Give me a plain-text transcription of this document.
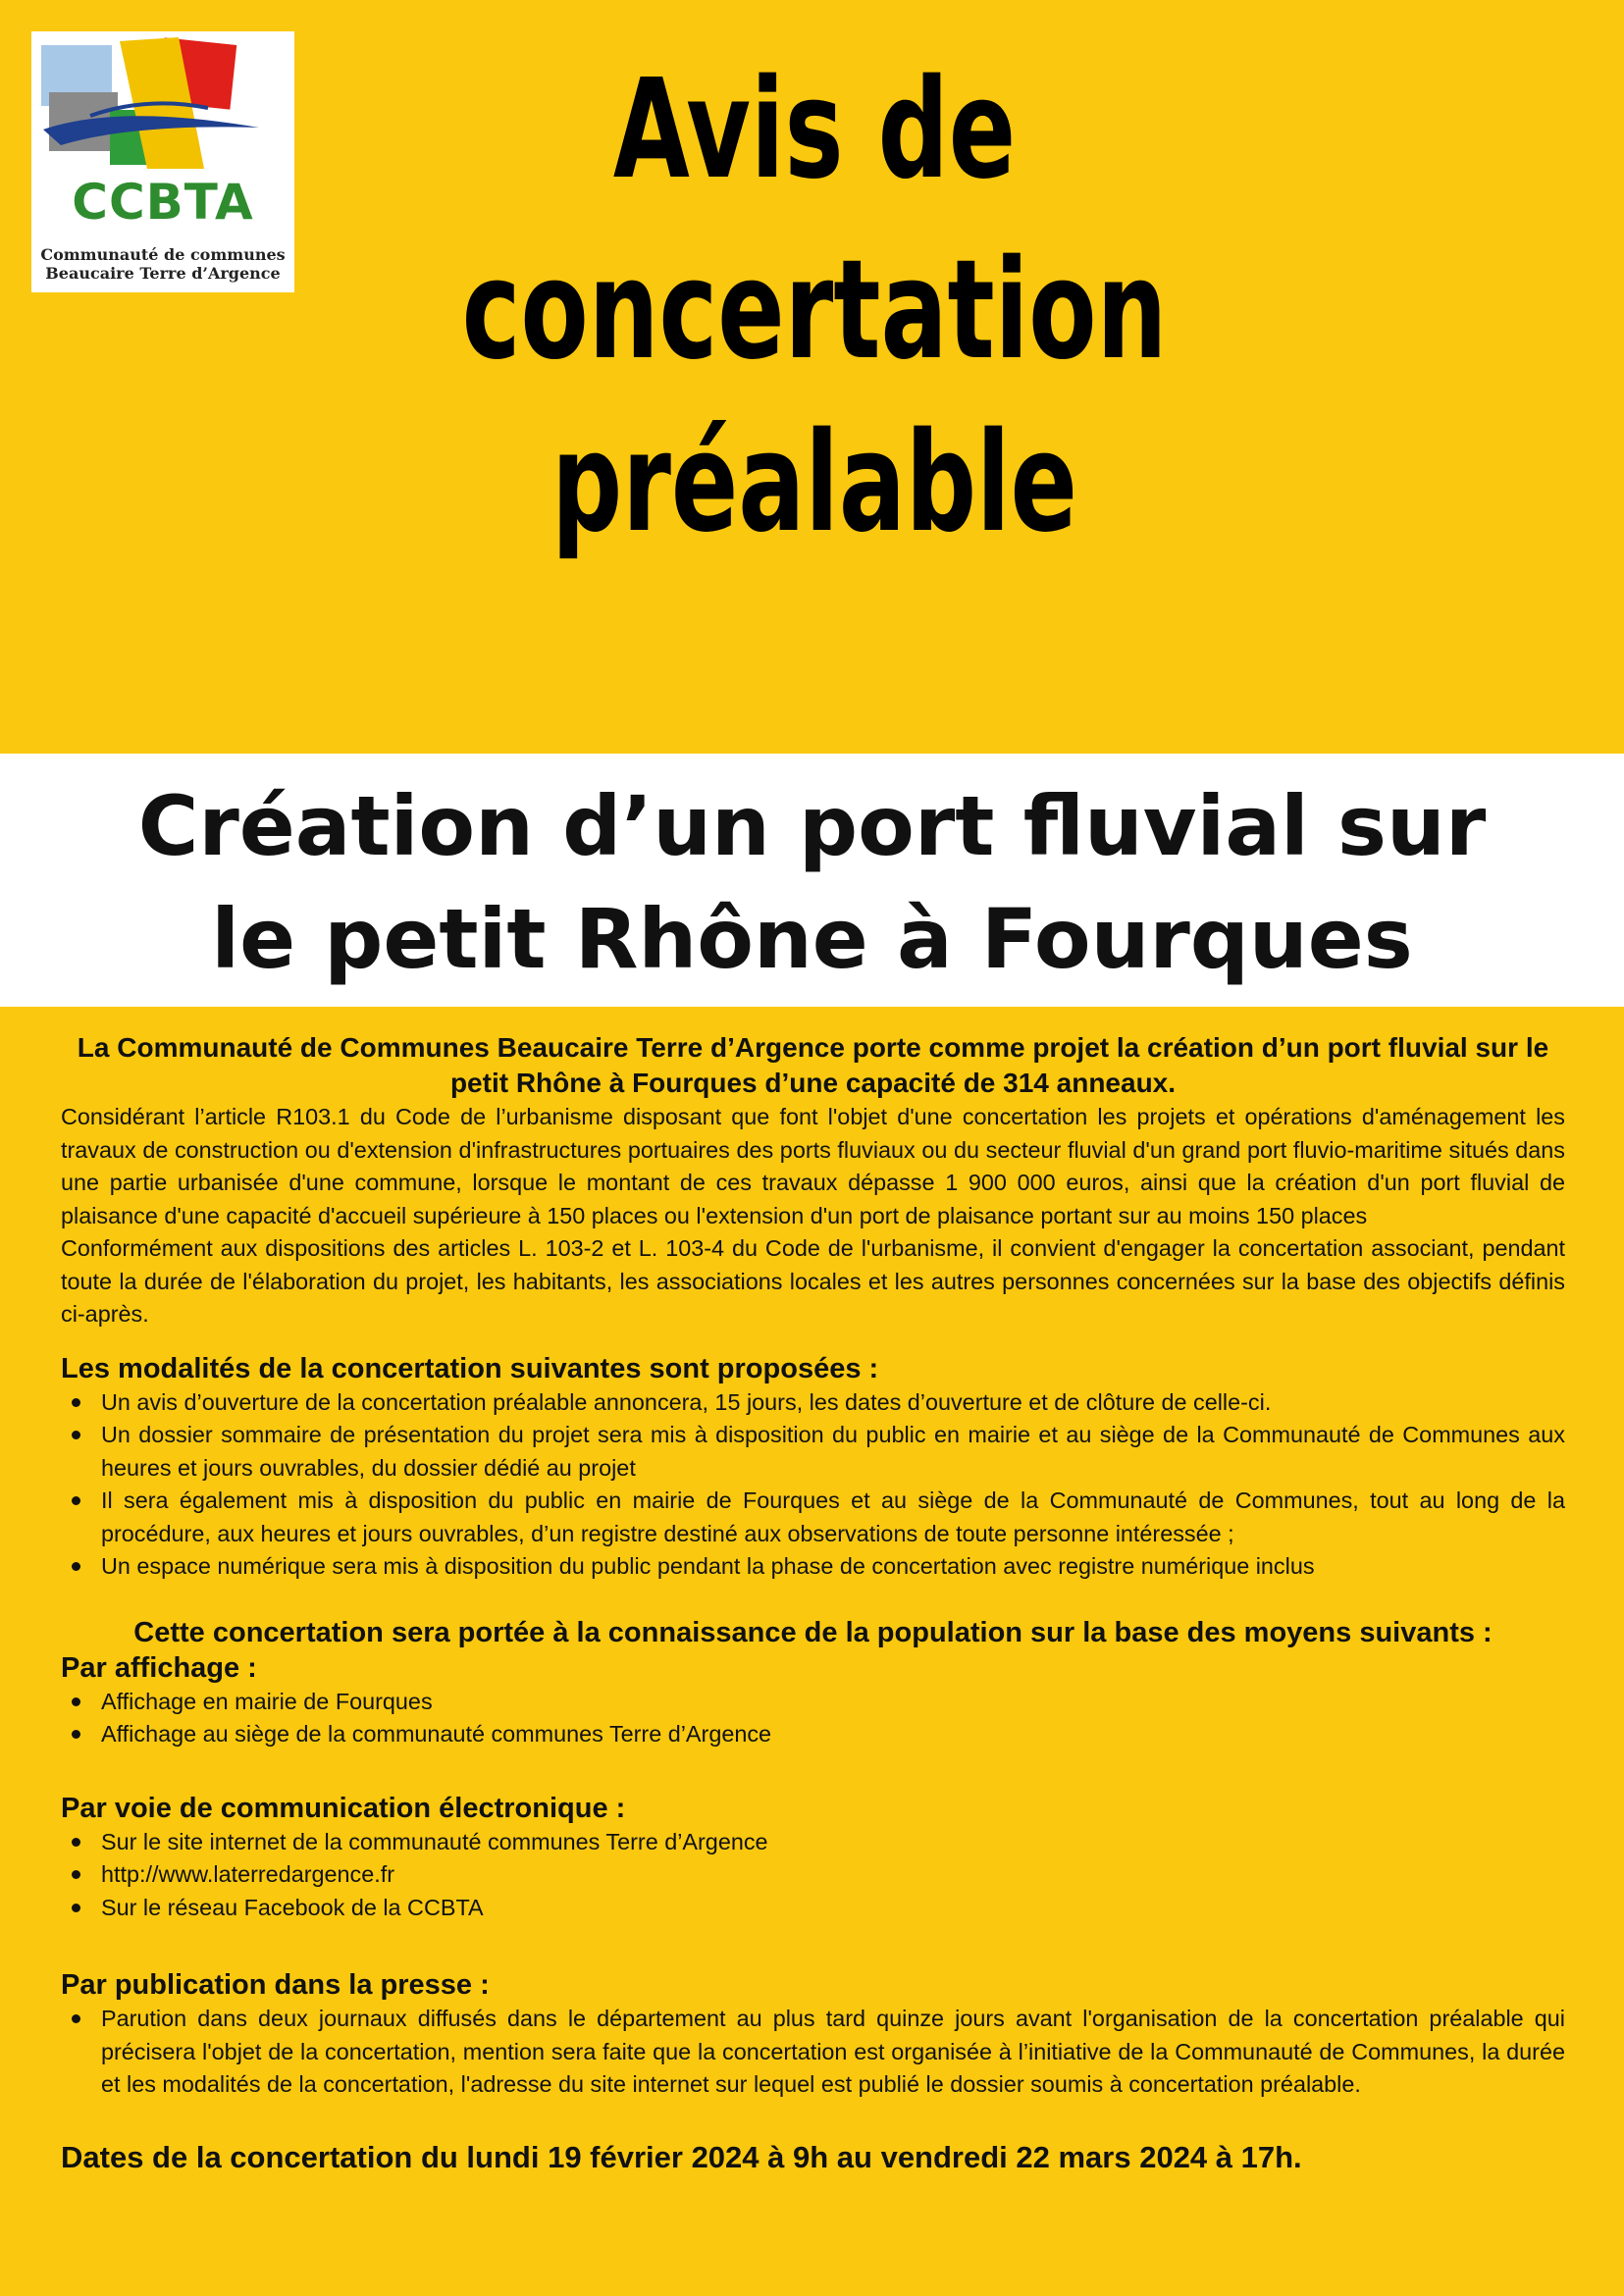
CCBTA
Communauté de communes
Beaucaire Terre d’Argence
Avis de
concertation
préalable
Création d’un port fluvial sur
le petit Rhône à Fourques

La Communauté de Communes Beaucaire Terre d’Argence porte comme projet la création d’un port fluvial sur le petit Rhône à Fourques d’une capacité de 314 anneaux.

Considérant l’article R103.1 du Code de l’urbanisme disposant que font l'objet d'une concertation les projets et opérations d'aménagement les travaux de construction ou d'extension d'infrastructures portuaires des ports fluviaux ou du secteur fluvial d'un grand port fluvio-maritime situés dans une partie urbanisée d'une commune, lorsque le montant de ces travaux dépasse 1 900 000 euros, ainsi que la création d'un port fluvial de plaisance d'une capacité d'accueil supérieure à 150 places ou l'extension d'un port de plaisance portant sur au moins 150 places

Conformément aux dispositions des articles L. 103-2 et L. 103-4 du Code de l'urbanisme, il convient d'engager la concertation associant, pendant toute la durée de l'élaboration du projet, les habitants, les associations locales et les autres personnes concernées sur la base des objectifs définis ci-après.

Les modalités de la concertation suivantes sont proposées :

Un avis d’ouverture de la concertation préalable annoncera, 15 jours, les dates d’ouverture et de clôture de celle-ci.
Un dossier sommaire de présentation du projet sera mis à disposition du public en mairie et au siège de la Communauté de Communes aux heures et jours ouvrables, du dossier dédié au projet
Il sera également mis à disposition du public en mairie de Fourques et au siège de la Communauté de Communes, tout au long de la procédure, aux heures et jours ouvrables, d’un registre destiné aux observations de toute personne intéressée ;
Un espace numérique sera mis à disposition du public pendant la phase de concertation avec registre numérique inclus

Cette concertation sera portée à la connaissance de la population sur la base des moyens suivants :

Par affichage :

Affichage en mairie de Fourques
Affichage au siège de la communauté communes Terre d’Argence

Par voie de communication électronique :

Sur le site internet de la communauté communes Terre d’Argence
http://www.laterredargence.fr
Sur le réseau Facebook de la CCBTA

Par publication dans la presse :

Parution dans deux journaux diffusés dans le département au plus tard quinze jours avant l'organisation de la concertation préalable qui précisera l'objet de la concertation, mention sera faite que la concertation est organisée à l’initiative de la Communauté de Communes, la durée et les modalités de la concertation, l'adresse du site internet sur lequel est publié le dossier soumis à concertation préalable.

Dates de la concertation du lundi 19 février 2024 à 9h au vendredi 22 mars 2024 à 17h.
